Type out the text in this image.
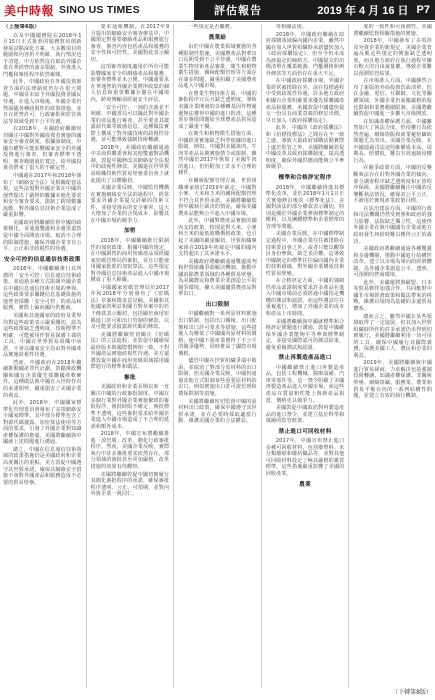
美中時報 SINO US TIMES	評估報告	2019 年 4 月 16 日 P7
（上接第6版）

以及中國國務院在2018年1月15日正式批准的服務貿易創新發展試點深化方案。大多數項目的範圍和內容仍不明確，執行情況也不清楚。中方依然沒有取消外國企業在華經營的諸多限制，外資准入門檻和審批程序依然複雜。

此外，中國政府在外國投資審查方面的法律制度仍存在很大問題。中國並未給予外國投資者國民待遇，在進入市場後，外國企業仍然面臨各種歧視性的政策措施，並且在經營許可、行政審批和監管執法等領域受到不公平待遇。

在2018年，美國政府繼續密切關注中國對外國投資者實施的國家安全審查制度。根據該制度，中國有權對可能影響國家安全的外國投資進行審查，但審查標準不透明，審查範圍過於寬泛，給外國投資者帶來了很大的不確定性。

中國還在2017年和2018年頒布了《網絡安全法》及相關配套法規，這些法規對外國企業在中國的運營提出了嚴格的數據本地化要求和安全審查要求，限制了跨境數據流動，對外國信息技術企業造成了嚴重影響。

美國政府將繼續監督中國的政策變化，並通過雙邊和多邊渠道敦促中國全面開放市場、取消不合理的限制措施，確保外國企業享有公平、公正和非歧視性的待遇。

安全可控的信息通信技術政策

2018年，中國繼續推行其所謂的「安全可控」信息通信技術政策，並通過多種方式限制外國企業在中國信息通信技術市場的參與。這些政策要求關鍵信息基礎設施的運營者採購「安全可控」的產品和服務，實際上偏向國內供應商。

美國和其他國家的政府及業界均對這些政策表示嚴重關切，認為這些政策缺乏透明度，技術標準不明確，可能被用作貿易保護主義的工具。中國在世界貿易組織中承諾，不會以國家安全為由對外國產品實施歧視性待遇。

然而，中國政府在2018年繼續推動國產替代計劃，鼓勵黨政機關和國有企業優先採購國產軟硬件。這種做法與中國在入世時作出的承諾相悖，嚴重損害了美國企業的利益。

此外，2018年，中國國家標準化管理委員會發布了多項網絡安全國家標準，其中部分標準包含了對源代碼披露、加密算法使用等方面的要求，引發了外國企業對知識產權保護的擔憂。美國將繼續與中國就上述問題進行溝通。

總之，中國在信息通信技術領域的政策措施仍是美國政府和企業高度關注的重點，美方敦促中國遵守其世貿承諾，確保其網絡安全措施不會對外國產品和服務造成不必要的貿易壁壘。

要求通報機制，在2017年9月提出的網絡安全審查辦法中，中國規定對重要網絡產品和服務進行審查，審查內容包括產品和服務的安全性和可控性。美國對此表示關切。

這項審查制度適用於所有可能影響國家安全的網絡產品和服務，而審查標準並未公開。中國還要求在華運營的外國企業將所收集的個人信息和重要數據存儲在中國境內，跨境傳輸須經過安全評估。

「安全可控」一詞的含義並不明確，中國當局可以據此對外國企業的產品進行審查，甚至要求其披露源代碼等敏感信息。這種做法實際上構成了對外國技術的歧視性待遇，並可能導致強制技術轉讓。

2018年，美國政府繼續通過中美商貿聯委會和其他雙邊對話機制，敦促中國修改其網絡安全法規中的歧視性條款。美國還在世界貿易組織技術性貿易壁壘委員會上就此提出了具體關切。

美國企業反映，中國監管機構在實施網絡安全法的過程中，經常要求外國企業提交詳細的技術文件，並接受漫長的安全審查，這大大增加了企業的合規成本，影響其在中國市場的競爭力。

加密

2018年，中國繼續推行限制性的加密政策。根據中國的規定，在中國銷售的商用密碼產品須經國家密碼管理局的審批，並且只能使用國家批准的加密算法。這些規定對外國信息技術產品進入中國市場構成了重大障礙。

中國國家密碼管理局於2017年和2018年分別發布了《密碼法》草案和徵求意見稿。美國和其他國家的利益相關方對草案中的若干條款表示關切，包括關於商用密碼進口許可和出口管制的條款，以及可能要求披露源代碼的條款。

美國將繼續密切關注《密碼法》的立法進程，並敦促中國確保最終版本與國際慣例相一致，不對外國產品實施歧視性待遇。美方還將敦促中國在商用密碼領域採用國際通行的標準和做法。

審批

美國政府和企業長期以來一直關注中國的行政審批制度。中國在多個行業對外國企業實施繁瑣的審批程序，審批時限不確定，審批標準不透明。這些審批要求給外國企業進入中國市場造成了不合理的延誤和額外成本。

2018年，中國宣布將繼續推進「放管服」改革，簡化行政審批程序。然而，美國企業反映，實際執行中許多審批要求依然存在，部分領域的審批甚至更加嚴格，改革措施的效果有待觀察。

美國將繼續敦促中國切實履行其簡化審批程序的承諾，確保審批程序透明、公正、可預期，並對內外資企業一視同仁。

一些規定是否屬實。

農業給

由於中國在農業領域實施的各種限制性措施，美國農產品對華出口長期受到不公平待遇。中國在農業生物技術產品審批、衛生和植物衛生措施、關稅配額管理等方面存在諸多問題，嚴重阻礙了美國農產品進入中國市場。

在農業生物技術方面，中國的審批程序冗長且缺乏透明度，導致美國企業開發的多種轉基因作物遲遲無法獲得中國的進口批准。這種異步審批問題給全球農產品貿易造成了嚴重干擾。

在衛生和植物衛生措施方面，中國經常實施缺乏科學依據的進口限制。例如，中國對美國禽肉、牛肉等產品長期實施禁令或限制，雖然中國於2017年恢復了美國牛肉的進口，但仍附加了許多不合理的條件。

在關稅配額管理方面，世貿組織專家組於2019年裁定，中國對小麥、大米和玉米的關稅配額管理不符合其世貿承諾。美國將繼續監督中國執行裁決的情況，確保美國農產品能夠公平進入中國市場。

此外，中國對農產品實施的國內支持政策，特別是對大米、小麥和玉米的最低收購價格政策，也引起了美國的嚴重關切。世貿組織專家組在2019年初裁定中國的國內支持超出了其承諾水平。

美國政府將繼續通過雙邊談判和世貿組織爭端解決機制，推動中國消除農業領域的各種貿易壁壘，為美國農民和農業企業創造公平的競爭環境，擴大美國優質農產品對華出口。

出口限制

中國繼續對一系列原材料實施出口限制，包括出口關稅、出口配額和出口許可要求等措施。這些措施人為壓低了中國國內原材料的價格，使中國下游產業獲得了不公平的競爭優勢，同時推高了國際市場價格。

儘管中國在世貿組織爭端中敗訴，並取消了對部分原材料的出口限制，但美國企業反映，中國仍通過其他方式限制某些重要原材料的出口，例如實施出口許可證管理和環保限制等措施。

美國將繼續密切監督中國的原材料出口政策，確保中國遵守其世貿承諾，並在必要時採取適當行動，維護美國企業的合法權益。

等相關法規。

2018年，中國政府繼續在政府採購領域偏向國內企業。雖然中國在加入世貿組織時承諾儘快加入《政府採購協定》，但至今仍未成為該協定的締約方。中國提交的出價清單在覆蓋範圍、門檻價格和例外條款等方面仍存在重大不足。

在中國政府採購市場，外國企業經常被排除在外，或在投標過程中受到歧視性待遇。許多地方政府和國有企業明確要求優先採購國產產品和服務。美國敦促中國儘快提交一份具有商業意義的修訂出價，早日加入《政府採購協定》。

此外，中國的《政府採購法》和《招標投標法》之間存在不一致之處，導致大量政府採購活動實際上處於監管之外。美國將繼續敦促中國改革其政府採購制度，提高透明度，確保外國供應商能夠公平參與競爭。

標準和合格評定程序

2018年，中國繼續推進其標準化改革，並於2018年1月1日正式實施修訂後的《標準化法》。美國對該法的部分條款表示關切，特別是關於外國企業參與標準制定的權利，以及團體標準和企業標準的管理等問題。

美國企業反映，在中國標準制定過程中，外國企業往往被排除在技術委員會之外，或者只能以觀察員身份參與，缺乏表決權。這導致中國制定的標準往往偏向國內企業的技術路線，對外國企業構成技術性貿易壁壘。

在合格評定方面，中國的強制性產品認證制度要求許多產品在進入中國市場前必須經過中國指定機構的測試和認證，而這些測試往往重複進行，增加了外國企業的成本和產品上市時間。

美國將繼續與中國就標準和合格評定問題進行溝通，敦促中國確保外國企業能夠平等參與標準制定，並接受國際認可的測試結果，避免重複測試和認證。

禁止再製造產品進口

中國繼續禁止進口再製造產品，包括工程機械、醫療設備、汽車零部件等。這一禁令阻礙了美國再製造產品進入中國市場，而這些產品在質量和性能上與新產品相當，價格更具競爭力。

美國敦促中國取消對再製造產品的進口禁令，並建立基於科學和風險的監管框架。

禁止進口可回收材料

2017年，中國宣布禁止進口多種可回收材料，包括廢塑料、未分類廢紙和廢紡織品等，並對其他可回收材料設定了極其嚴格的雜質標準。這些措施嚴重影響了美國的回收產業。

農業

度的一致性和可預測性。美國將繼續監督相關措施的實施。

2018年，中國發布了多項涉及外資企業的新規定，美國企業普遍反映這些規定的實施缺乏透明度，而且地方政府在執行過程中擁有較大的自由裁量權，導致企業難以預測監管結果。

在市場准入方面，中國雖然公布了新版的外商投資負面清單，但在金融、電信、互聯網、文化等關鍵領域，外國企業仍面臨嚴格的股比限制和業務範圍限制。美國將繼續敦促中國進一步擴大市場開放。

在知識產權保護方面，中國雖然加大了執法力度，但侵權行為依然普遍，網絡盜版和商業秘密竊取問題尤為突出。美國企業反映，在中國通過司法途徑維權成本高、周期長、賠償低，難以有效遏制侵權行為。

在競爭政策方面，中國的反壟斷執法存在針對外國企業的傾向，部分調查程序缺乏透明度和正當程序保障。美國將繼續關注中國的反壟斷執法情況，確保其公平公正，不被用於實現產業政策目標。

在法治建設方面，中國的行政和司法機關仍然受到黨和政府的強力影響，法院缺乏獨立性，這使得外國企業在與中國國有企業或地方政府發生糾紛時難以獲得公正的裁決。

美國政府將繼續通過各種雙邊和多邊機制，推動中國進行結構性改革，建立以市場為導向的經濟體制，為外國企業創造公平、透明、可預期的營商環境。

此外，美國還將與歐盟、日本等貿易夥伴加強合作，共同應對中國非市場經濟政策和做法帶來的挑戰，維護以規則為基礎的多邊貿易體系。

總而言之，雖然中國在某些領域取得了一定進展，但其加入世貿組織時所作的許多承諾仍未得到切實履行。美國將繼續利用一切可用的工具，確保中國履行其國際義務，保護美國工人、農民和企業的利益。

2019年，美國將繼續與中國進行貿易磋商，力求解決包括強制技術轉讓、知識產權保護、非關稅壁壘、網絡盜竊、服務業、農業和貿易平衡在內的一系列結構性問題，並建立有效的執行機制。

（下轉第8版）
